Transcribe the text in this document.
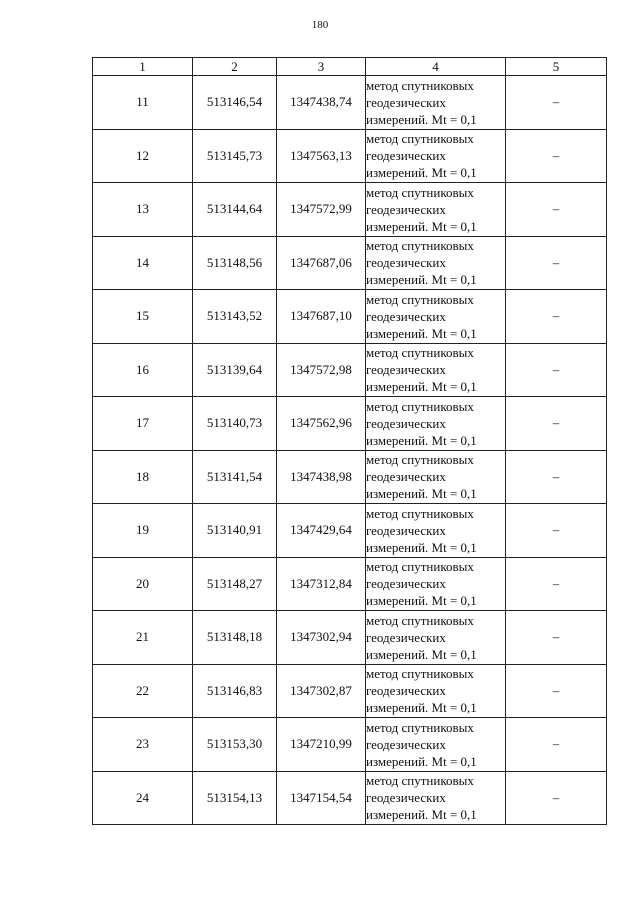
180
1	2	3	4	5
11	513146,54	1347438,74	метод спутниковых
геодезических
измерений. Mt = 0,1	–
12	513145,73	1347563,13	метод спутниковых
геодезических
измерений. Mt = 0,1	–
13	513144,64	1347572,99	метод спутниковых
геодезических
измерений. Mt = 0,1	–
14	513148,56	1347687,06	метод спутниковых
геодезических
измерений. Mt = 0,1	–
15	513143,52	1347687,10	метод спутниковых
геодезических
измерений. Mt = 0,1	–
16	513139,64	1347572,98	метод спутниковых
геодезических
измерений. Mt = 0,1	–
17	513140,73	1347562,96	метод спутниковых
геодезических
измерений. Mt = 0,1	–
18	513141,54	1347438,98	метод спутниковых
геодезических
измерений. Mt = 0,1	–
19	513140,91	1347429,64	метод спутниковых
геодезических
измерений. Mt = 0,1	–
20	513148,27	1347312,84	метод спутниковых
геодезических
измерений. Mt = 0,1	–
21	513148,18	1347302,94	метод спутниковых
геодезических
измерений. Mt = 0,1	–
22	513146,83	1347302,87	метод спутниковых
геодезических
измерений. Mt = 0,1	–
23	513153,30	1347210,99	метод спутниковых
геодезических
измерений. Mt = 0,1	–
24	513154,13	1347154,54	метод спутниковых
геодезических
измерений. Mt = 0,1	–
